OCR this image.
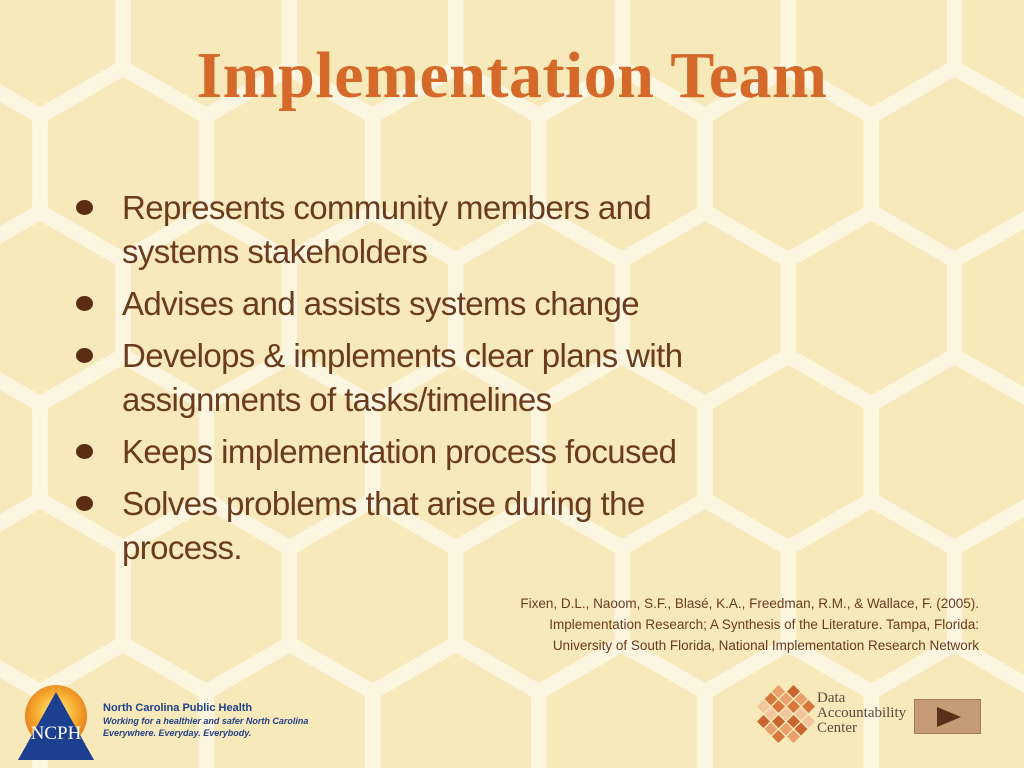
Implementation Team
Represents community members and
systems stakeholders
Advises and assists systems change
Develops & implements clear plans with
assignments of tasks/timelines
Keeps implementation process focused
Solves problems that arise during the
process.
Fixen, D.L., Naoom, S.F., Blasé, K.A., Freedman, R.M., & Wallace, F. (2005).
Implementation Research; A Synthesis of the Literature. Tampa, Florida:
University of South Florida, National Implementation Research Network
NCPH
North Carolina Public Health
Working for a healthier and safer North Carolina
Everywhere. Everyday. Everybody.
Data
Accountability
Center
